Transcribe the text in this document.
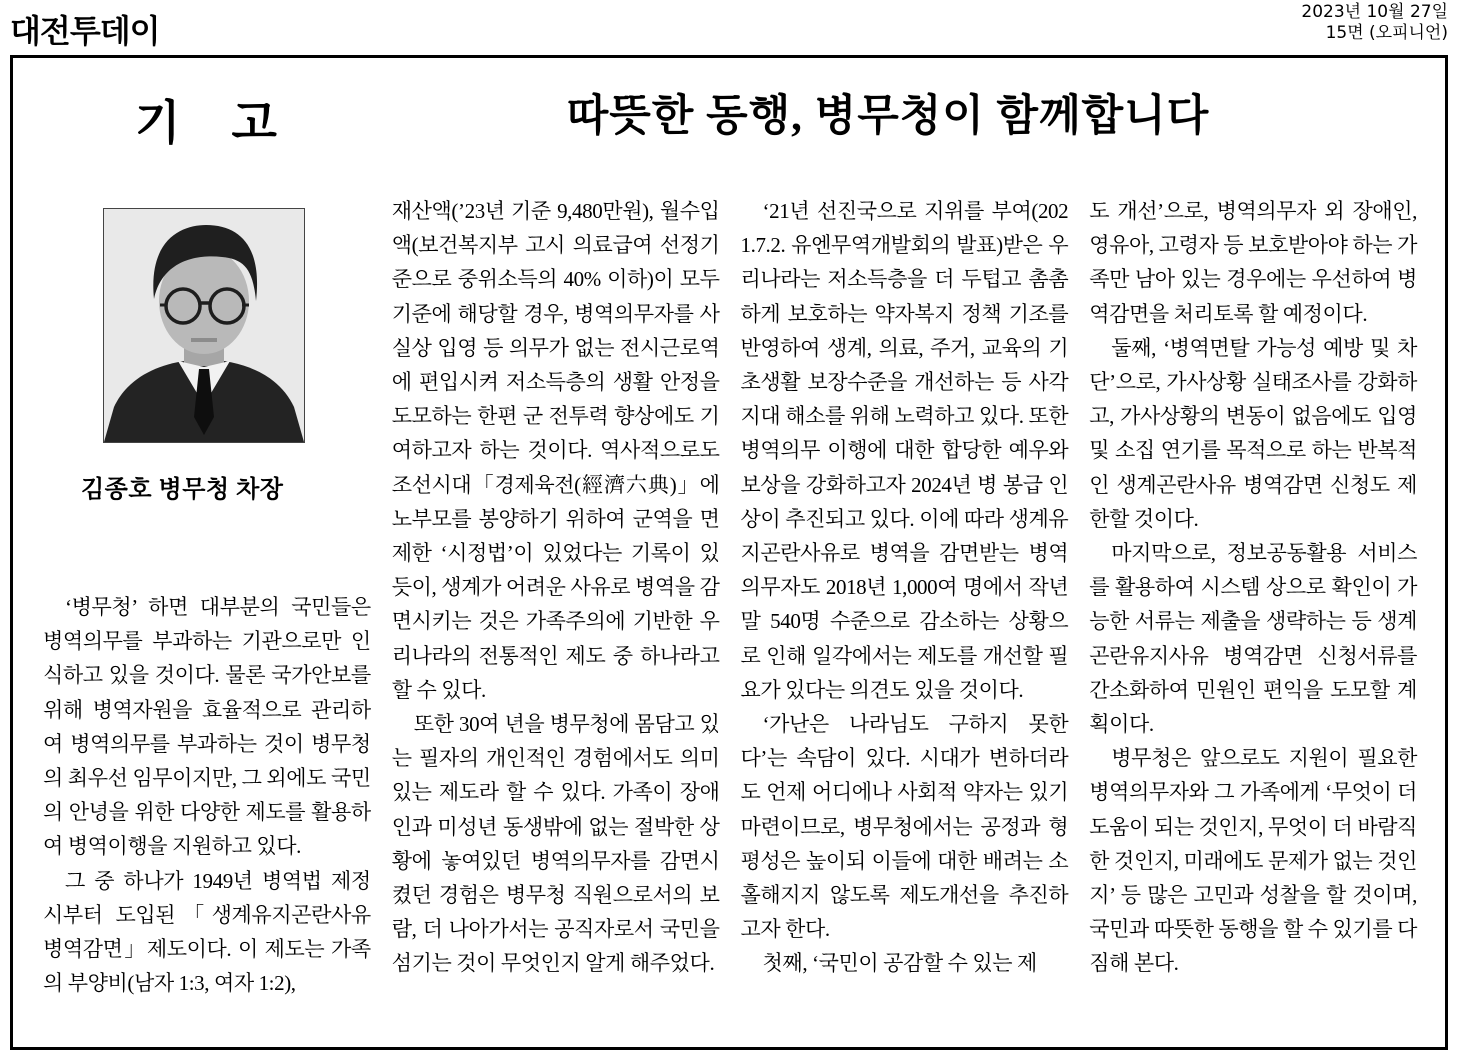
대전투데이
2023년 10월 27일
15면 (오피니언)
기 고	따뜻한 동행, 병무청이 함께합니다
김종호 병무청 차장

‘병무청’ 하면 대부분의 국민들은 병역의무를 부과하는 기관으로만 인식하고 있을 것이다. 물론 국가안보를 위해 병역자원을 효율적으로 관리하여 병역의무를 부과하는 것이 병무청의 최우선 임무이지만, 그 외에도 국민의 안녕을 위한 다양한 제도를 활용하여 병역이행을 지원하고 있다.

그 중 하나가 1949년 병역법 제정 시부터 도입된「생계유지곤란사유 병역감면」제도이다. 이 제도는 가족의 부양비(남자 1:3, 여자 1:2),

재산액(’23년 기준 9,480만원), 월수입액(보건복지부 고시 의료급여 선정기준으로 중위소득의 40% 이하)이 모두 기준에 해당할 경우, 병역의무자를 사실상 입영 등 의무가 없는 전시근로역에 편입시켜 저소득층의 생활 안정을 도모하는 한편 군 전투력 향상에도 기여하고자 하는 것이다. 역사적으로도 조선시대「경제육전(經濟六典)」에 노부모를 봉양하기 위하여 군역을 면제한 ‘시정법’이 있었다는 기록이 있듯이, 생계가 어려운 사유로 병역을 감면시키는 것은 가족주의에 기반한 우리나라의 전통적인 제도 중 하나라고 할 수 있다.

또한 30여 년을 병무청에 몸담고 있는 필자의 개인적인 경험에서도 의미 있는 제도라 할 수 있다. 가족이 장애인과 미성년 동생밖에 없는 절박한 상황에 놓여있던 병역의무자를 감면시켰던 경험은 병무청 직원으로서의 보람, 더 나아가서는 공직자로서 국민을 섬기는 것이 무엇인지 알게 해주었다.

‘21년 선진국으로 지위를 부여(2021.7.2. 유엔무역개발회의 발표)받은 우리나라는 저소득층을 더 두텁고 촘촘하게 보호하는 약자복지 정책 기조를 반영하여 생계, 의료, 주거, 교육의 기초생활 보장수준을 개선하는 등 사각지대 해소를 위해 노력하고 있다. 또한 병역의무 이행에 대한 합당한 예우와 보상을 강화하고자 2024년 병 봉급 인상이 추진되고 있다. 이에 따라 생계유지곤란사유로 병역을 감면받는 병역의무자도 2018년 1,000여 명에서 작년 말 540명 수준으로 감소하는 상황으로 인해 일각에서는 제도를 개선할 필요가 있다는 의견도 있을 것이다.

‘가난은 나라님도 구하지 못한다’는 속담이 있다. 시대가 변하더라도 언제 어디에나 사회적 약자는 있기 마련이므로, 병무청에서는 공정과 형평성은 높이되 이들에 대한 배려는 소홀해지지 않도록 제도개선을 추진하고자 한다.

첫째, ‘국민이 공감할 수 있는 제

도 개선’으로, 병역의무자 외 장애인, 영유아, 고령자 등 보호받아야 하는 가족만 남아 있는 경우에는 우선하여 병역감면을 처리토록 할 예정이다.

둘째, ‘병역면탈 가능성 예방 및 차단’으로, 가사상황 실태조사를 강화하고, 가사상황의 변동이 없음에도 입영 및 소집 연기를 목적으로 하는 반복적인 생계곤란사유 병역감면 신청도 제한할 것이다.

마지막으로, 정보공동활용 서비스를 활용하여 시스템 상으로 확인이 가능한 서류는 제출을 생략하는 등 생계곤란유지사유 병역감면 신청서류를 간소화하여 민원인 편익을 도모할 계획이다.

병무청은 앞으로도 지원이 필요한 병역의무자와 그 가족에게 ‘무엇이 더 도움이 되는 것인지, 무엇이 더 바람직한 것인지, 미래에도 문제가 없는 것인지’ 등 많은 고민과 성찰을 할 것이며, 국민과 따뜻한 동행을 할 수 있기를 다짐해 본다.
